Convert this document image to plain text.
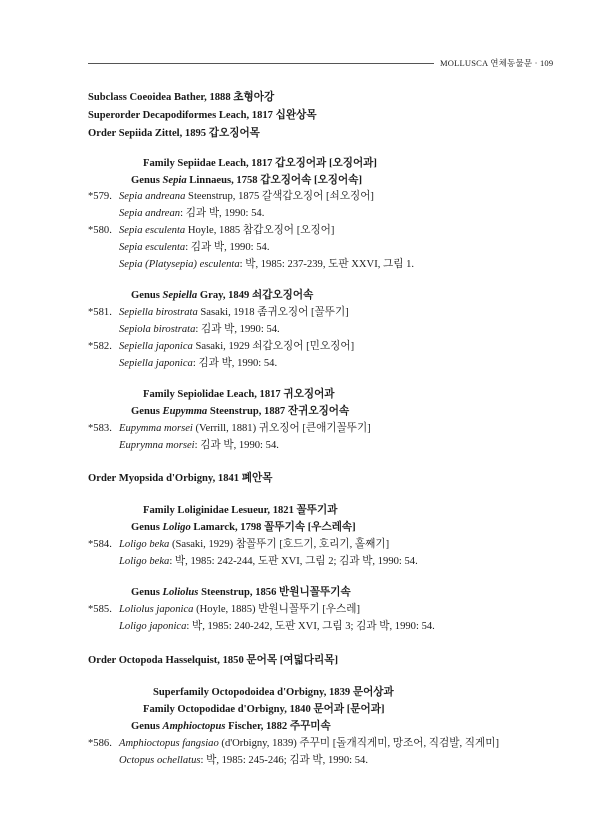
MOLLUSCA 연체동물문 · 109
Subclass Coeoidea Bather, 1888 초형아강
Superorder Decapodiformes Leach, 1817 십완상목
Order Sepiida Zittel, 1895 갑오징어목
Family Sepiidae Leach, 1817 갑오징어과 [오징어과]
Genus Sepia Linnaeus, 1758 갑오징어속 [오징어속]
*579. Sepia andreana Steenstrup, 1875 갈색갑오징어 [쇠오징어]
Sepia andrean: 김과 박, 1990: 54.
*580. Sepia esculenta Hoyle, 1885 참갑오징어 [오징어]
Sepia esculenta: 김과 박, 1990: 54.
Sepia (Platysepia) esculenta: 박, 1985: 237-239, 도판 XXVI, 그림 1.
Genus Sepiella Gray, 1849 쇠갑오징어속
*581. Sepiella birostrata Sasaki, 1918 좀귀오징어 [꼴뚜기]
Sepiola birostrata: 김과 박, 1990: 54.
*582. Sepiella japonica Sasaki, 1929 쇠갑오징어 [민오징어]
Sepiella japonica: 김과 박, 1990: 54.
Family Sepiolidae Leach, 1817 귀오징어과
Genus Eupymma Steenstrup, 1887 잔귀오징어속
*583. Eupymma morsei (Verrill, 1881) 귀오징어 [큰애기꼴뚜기]
Euprymna morsei: 김과 박, 1990: 54.
Order Myopsida d'Orbigny, 1841 폐안목
Family Loliginidae Lesueur, 1821 꼴뚜기과
Genus Loligo Lamarck, 1798 꼴뚜기속 [우스레속]
*584. Loligo beka (Sasaki, 1929) 참꼴뚜기 [호드기, 호리기, 홀째기]
Loligo beka: 박, 1985: 242-244, 도판 XVI, 그림 2; 김과 박, 1990: 54.
Genus Loliolus Steenstrup, 1856 반원니꼴뚜기속
*585. Loliolus japonica (Hoyle, 1885) 반원니꼴뚜기 [우스레]
Loligo japonica: 박, 1985: 240-242, 도판 XVI, 그림 3; 김과 박, 1990: 54.
Order Octopoda Hasselquist, 1850 문어목 [여덟다리목]
Superfamily Octopodoidea d'Orbigny, 1839 문어상과
Family Octopodidae d'Orbigny, 1840 문어과 [문어과]
Genus Amphioctopus Fischer, 1882 주꾸미속
*586. Amphioctopus fangsiao (d'Orbigny, 1839) 주꾸미 [돌개직게미, 망조어, 직검발, 직게미]
Octopus ochellatus: 박, 1985: 245-246; 김과 박, 1990: 54.
